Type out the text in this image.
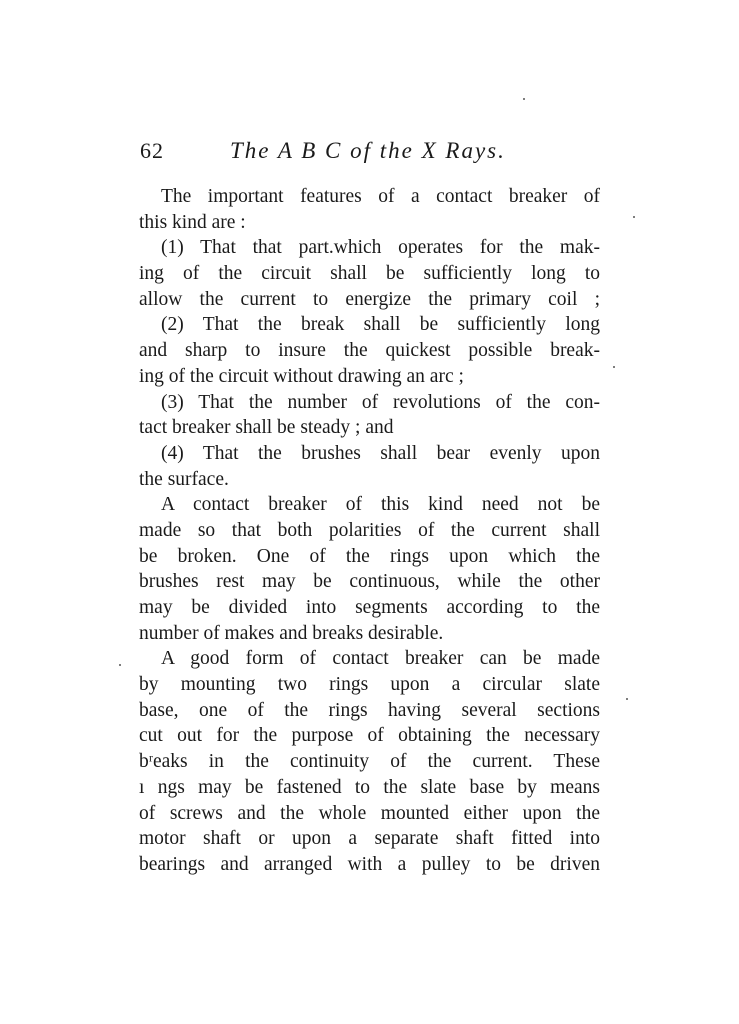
62	The A B C of the X Rays.
The important features of a contact breaker of
this kind are :
(1) That that part.which operates for the mak-
ing of the circuit shall be sufficiently long to
allow the current to energize the primary coil ;
(2) That the break shall be sufficiently long
and sharp to insure the quickest possible break-
ing of the circuit without drawing an arc ;
(3) That the number of revolutions of the con-
tact breaker shall be steady ; and
(4) That the brushes shall bear evenly upon
the surface.
A contact breaker of this kind need not be
made so that both polarities of the current shall
be broken. One of the rings upon which the
brushes rest may be continuous, while the other
may be divided into segments according to the
number of makes and breaks desirable.
A good form of contact breaker can be made
by mounting two rings upon a circular slate
base, one of the rings having several sections
cut out for the purpose of obtaining the necessary
bʳeaks in the continuity of the current. These
ı ngs may be fastened to the slate base by means
of screws and the whole mounted either upon the
motor shaft or upon a separate shaft fitted into
bearings and arranged with a pulley to be driven
